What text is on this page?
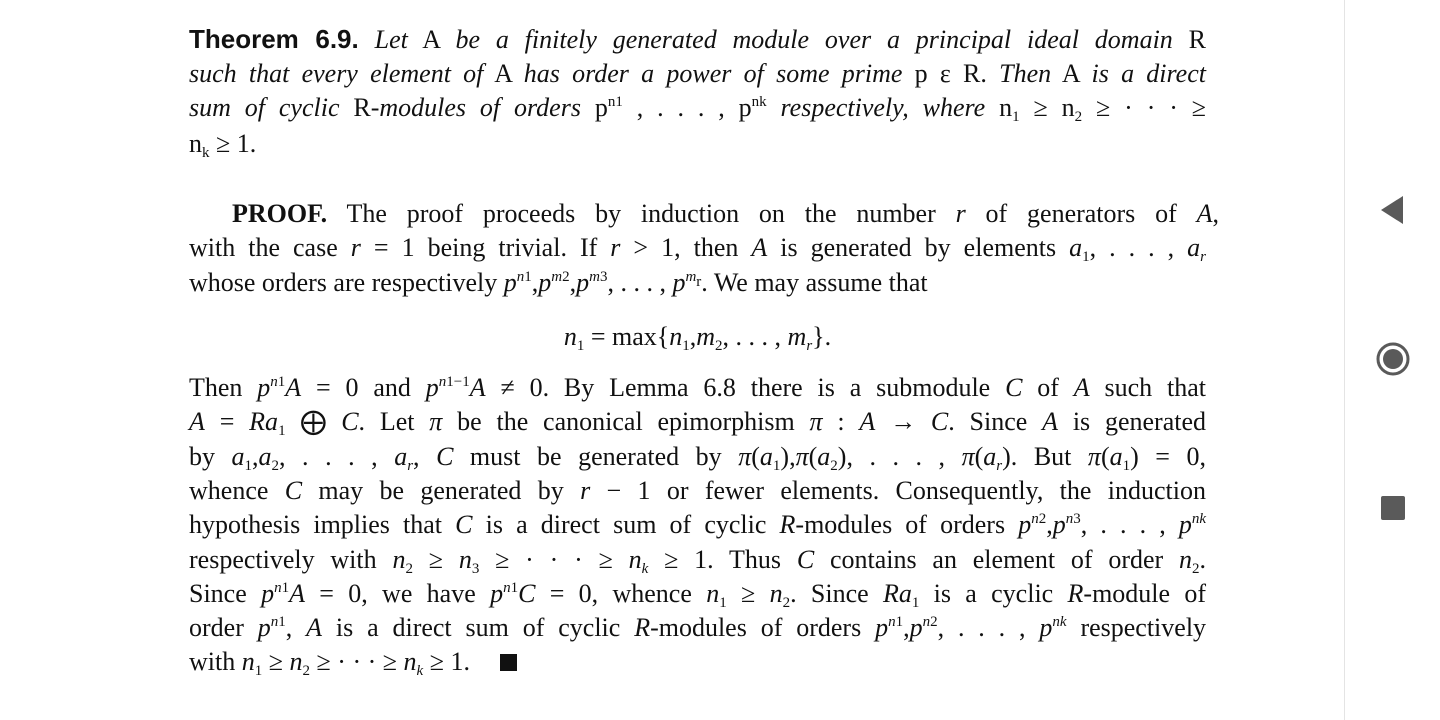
Theorem 6.9. Let A be a finitely generated module over a principal ideal domain R
such that every element of A has order a power of some prime p ε R. Then A is a direct
sum of cyclic R-modules of orders $p^{n1}$ , . . . , $p^{nk}$ respectively, where $n_1 \ge n_2$ ≥ · · · ≥
$n_k \ge 1$.
PROOF. The proof proceeds by induction on the number r of generators of A,
with the case r = 1 being trivial. If r > 1, then A is generated by elements $a_1$, . . . , $a_r$
whose orders are respectively $p^{n1},p^{m2},p^{m3}$, . . . , $p^{m_r}$. We may assume that
$n_1 = \max\{n_1,m_2$, . . . , $m_r$}.
Then $p^{n1}A = 0$ and $p^{n1-1}A \ne 0$. By Lemma 6.8 there is a submodule C of A such that
$A = Ra_1$ ⨁ C. Let π be the canonical epimorphism π : A → C. Since A is generated
by $a_1,a_2$, . . . , $a_r$, C must be generated by $\pi(a_1),\pi(a_2)$, . . . , $\pi(a_r)$. But $\pi(a_1) = 0$,
whence C may be generated by r − 1 or fewer elements. Consequently, the induction
hypothesis implies that C is a direct sum of cyclic R-modules of orders $p^{n2},p^{n3}$, . . . , $p^{nk}$
respectively with $n_2 \ge n_3$ ≥ · · · ≥ $n_k \ge 1$. Thus C contains an element of order $n_2$.
Since $p^{n1}A = 0$, we have $p^{n1}C = 0$, whence $n_1 \ge n_2$. Since $Ra_1$ is a cyclic R-module of
order $p^{n1}$, A is a direct sum of cyclic R-modules of orders $p^{n1},p^{n2}$, . . . , $p^{nk}$ respectively
with $n_1 \ge n_2$ ≥ · · · ≥ $n_k \ge 1$.
